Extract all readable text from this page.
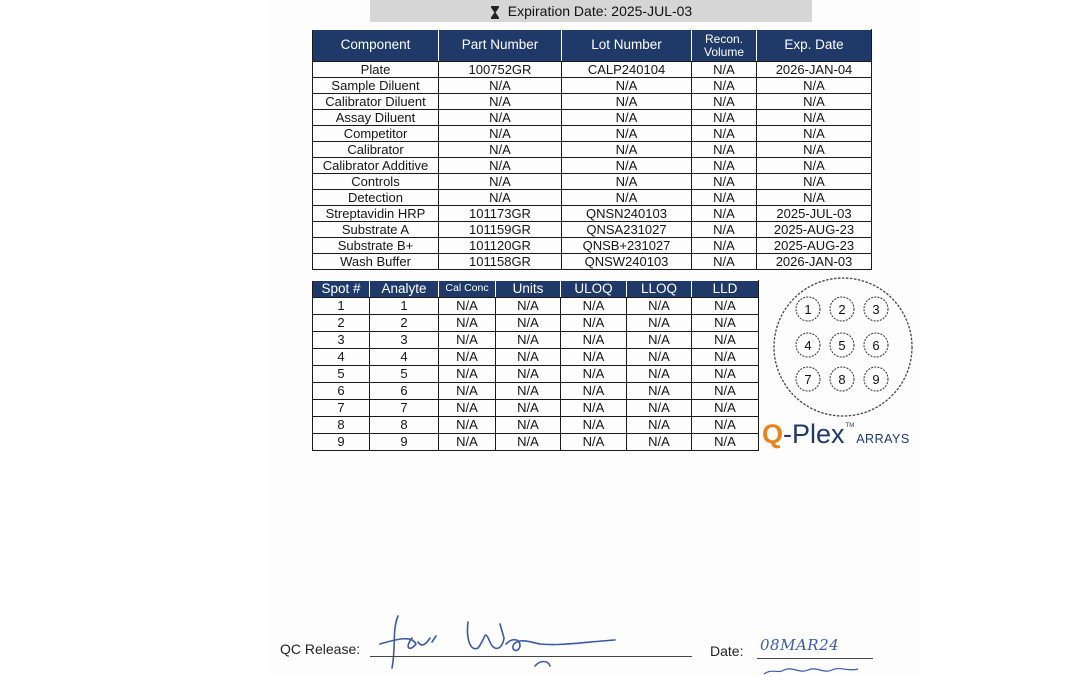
Expiration Date: 2025-JUL-03
Component	Part Number	Lot Number	Recon. Volume	Exp. Date
Plate	100752GR	CALP240104	N/A	2026-JAN-04
Sample Diluent	N/A	N/A	N/A	N/A
Calibrator Diluent	N/A	N/A	N/A	N/A
Assay Diluent	N/A	N/A	N/A	N/A
Competitor	N/A	N/A	N/A	N/A
Calibrator	N/A	N/A	N/A	N/A
Calibrator Additive	N/A	N/A	N/A	N/A
Controls	N/A	N/A	N/A	N/A
Detection	N/A	N/A	N/A	N/A
Streptavidin HRP	101173GR	QNSN240103	N/A	2025-JUL-03
Substrate A	101159GR	QNSA231027	N/A	2025-AUG-23
Substrate B+	101120GR	QNSB+231027	N/A	2025-AUG-23
Wash Buffer	101158GR	QNSW240103	N/A	2026-JAN-03
Spot #	Analyte	Cal Conc	Units	ULOQ	LLOQ	LLD
1	1	N/A	N/A	N/A	N/A	N/A
2	2	N/A	N/A	N/A	N/A	N/A
3	3	N/A	N/A	N/A	N/A	N/A
4	4	N/A	N/A	N/A	N/A	N/A
5	5	N/A	N/A	N/A	N/A	N/A
6	6	N/A	N/A	N/A	N/A	N/A
7	7	N/A	N/A	N/A	N/A	N/A
8	8	N/A	N/A	N/A	N/A	N/A
9	9	N/A	N/A	N/A	N/A	N/A
1 2 3
4 5 6
7 8 9
Q -Plex TM
ARRAYS
QC Release:	Date: 08MAR24
